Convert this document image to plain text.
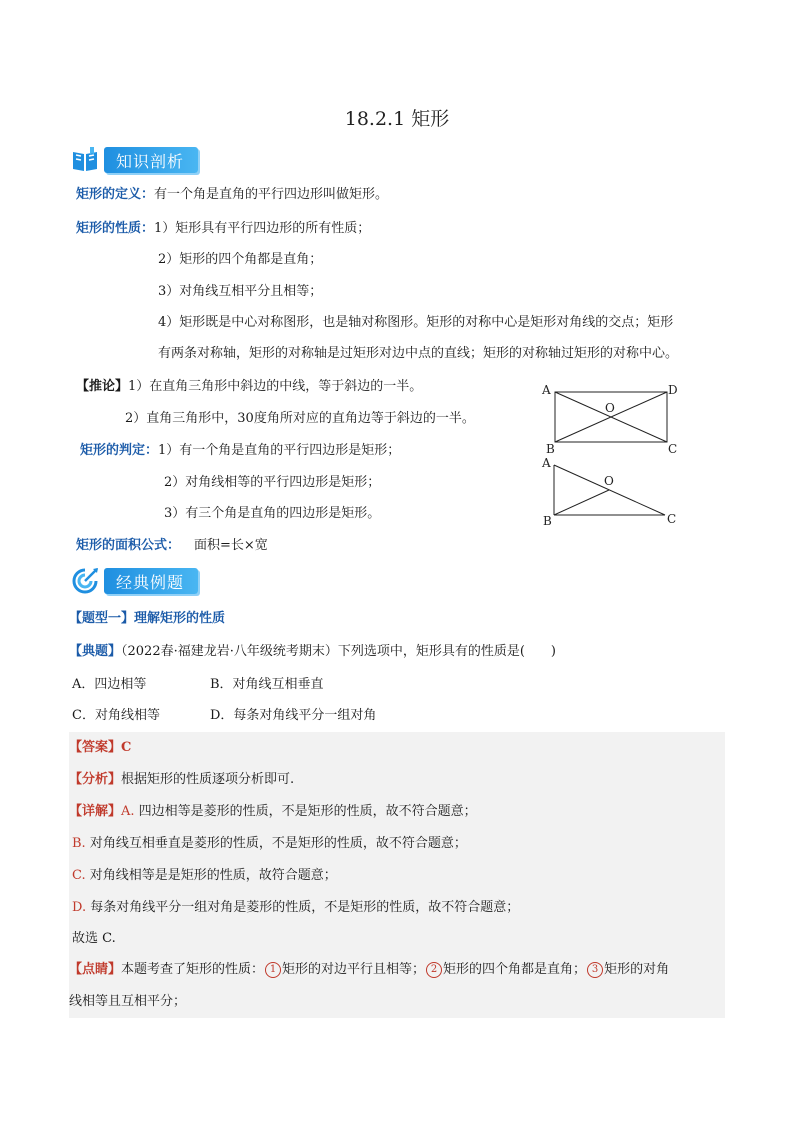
18.2.1 矩形
知识剖析
矩形的定义：有一个角是直角的平行四边形叫做矩形。
矩形的性质：1）矩形具有平行四边形的所有性质；
2）矩形的四个角都是直角；
3）对角线互相平分且相等；
4）矩形既是中心对称图形，也是轴对称图形。矩形的对称中心是矩形对角线的交点；矩形
有两条对称轴，矩形的对称轴是过矩形对边中点的直线；矩形的对称轴过矩形的对称中心。
【推论】1）在直角三角形中斜边的中线，等于斜边的一半。
2）直角三角形中，30度角所对应的直角边等于斜边的一半。
矩形的判定：1）有一个角是直角的平行四边形是矩形；
2）对角线相等的平行四边形是矩形；
3）有三个角是直角的四边形是矩形。
矩形的面积公式： 面积=长×宽
A	D
O
B	C
A
O
B	C
经典例题
【题型一】理解矩形的性质
【典题】（2022春·福建龙岩·八年级统考期末）下列选项中，矩形具有的性质是(　　)
A．四边相等	B．对角线互相垂直
C．对角线相等	D．每条对角线平分一组对角
【答案】C
【分析】根据矩形的性质逐项分析即可.
【详解】A. 四边相等是菱形的性质，不是矩形的性质，故不符合题意；
B. 对角线互相垂直是菱形的性质，不是矩形的性质，故不符合题意；
C. 对角线相等是是矩形的性质，故符合题意；
D. 每条对角线平分一组对角是菱形的性质，不是矩形的性质，故不符合题意；
故选 C.
【点睛】本题考查了矩形的性质： 1 矩形的对边平行且相等； 2 矩形的四个角都是直角； 3 矩形的对角
线相等且互相平分；
